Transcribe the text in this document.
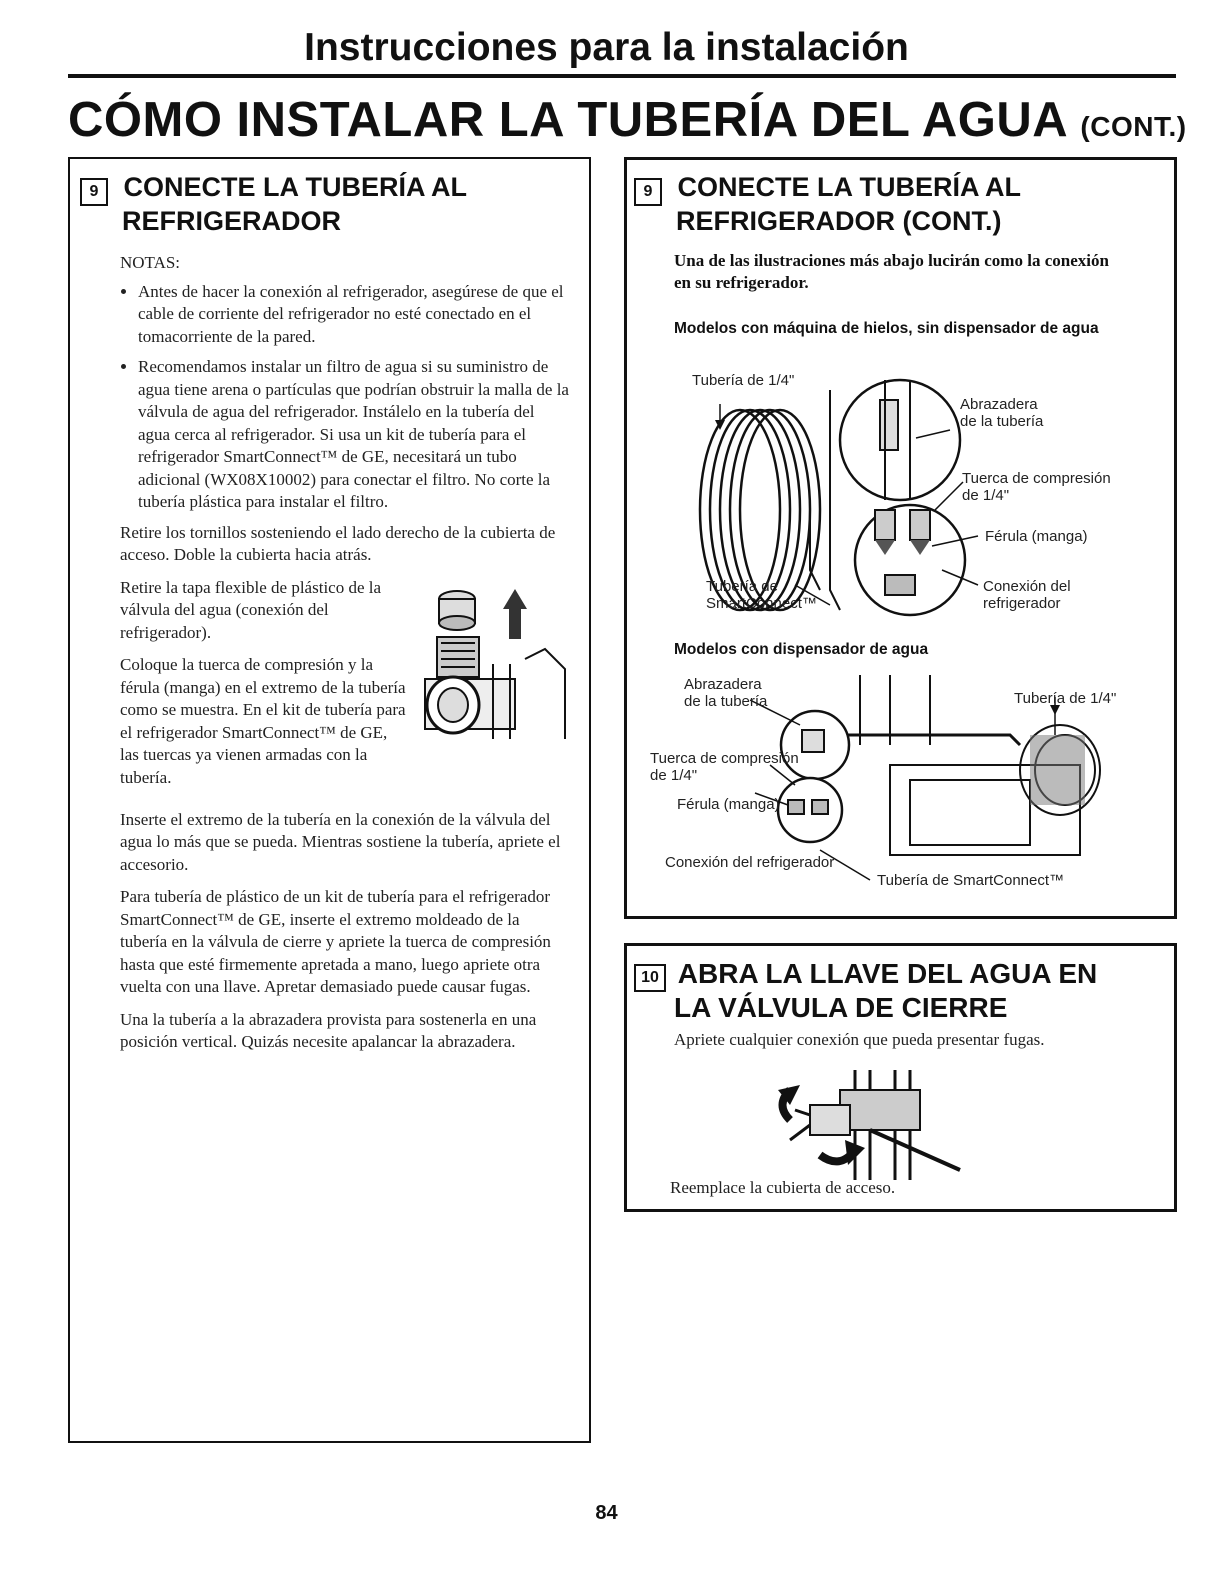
Instrucciones para la instalación
CÓMO INSTALAR LA TUBERÍA DEL AGUA (CONT.)
9 CONECTE LA TUBERÍA AL
REFRIGERADOR
NOTAS:
• Antes de hacer la conexión al refrigerador, asegúrese de que el cable de corriente del refrigerador no esté conectado en el tomacorriente de la pared.
• Recomendamos instalar un filtro de agua si su suministro de agua tiene arena o partículas que podrían obstruir la malla de la válvula de agua del refrigerador. Instálelo en la tubería del agua cerca al refrigerador. Si usa un kit de tubería para el refrigerador SmartConnect™ de GE, necesitará un tubo adicional (WX08X10002) para conectar el filtro. No corte la tubería plástica para instalar el filtro.
Retire los tornillos sosteniendo el lado derecho de la cubierta de acceso. Doble la cubierta hacia atrás.
Retire la tapa flexible de plástico de la válvula del agua (conexión del refrigerador).
Coloque la tuerca de compresión y la férula (manga) en el extremo de la tubería como se muestra. En el kit de tubería para el refrigerador SmartConnect™ de GE, las tuercas ya vienen armadas con la tubería.
Inserte el extremo de la tubería en la conexión de la válvula del agua lo más que se pueda. Mientras sostiene la tubería, apriete el accesorio.
Para tubería de plástico de un kit de tubería para el refrigerador SmartConnect™ de GE, inserte el extremo moldeado de la tubería en la válvula de cierre y apriete la tuerca de compresión hasta que esté firmemente apretada a mano, luego apriete otra vuelta con una llave. Apretar demasiado puede causar fugas.
Una la tubería a la abrazadera provista para sostenerla en una posición vertical. Quizás necesite apalancar la abrazadera.
9 CONECTE LA TUBERÍA AL
REFRIGERADOR (CONT.)
Una de las ilustraciones más abajo lucirán como la conexión en su refrigerador.
Modelos con máquina de hielos, sin dispensador de agua
Tubería de 1/4"
Abrazadera
de la tubería
Tuerca de compresión
de 1/4"
Férula (manga)
Tubería de
SmartConnect™
Conexión del
refrigerador
Modelos con dispensador de agua
Abrazadera
de la tubería	Tubería de 1/4"
Tuerca de compresión
de 1/4"
Férula (manga)
Conexión del refrigerador
Tubería de SmartConnect™
10 ABRA LA LLAVE DEL AGUA EN
LA VÁLVULA DE CIERRE
Apriete cualquier conexión que pueda presentar fugas.
Reemplace la cubierta de acceso.
84
